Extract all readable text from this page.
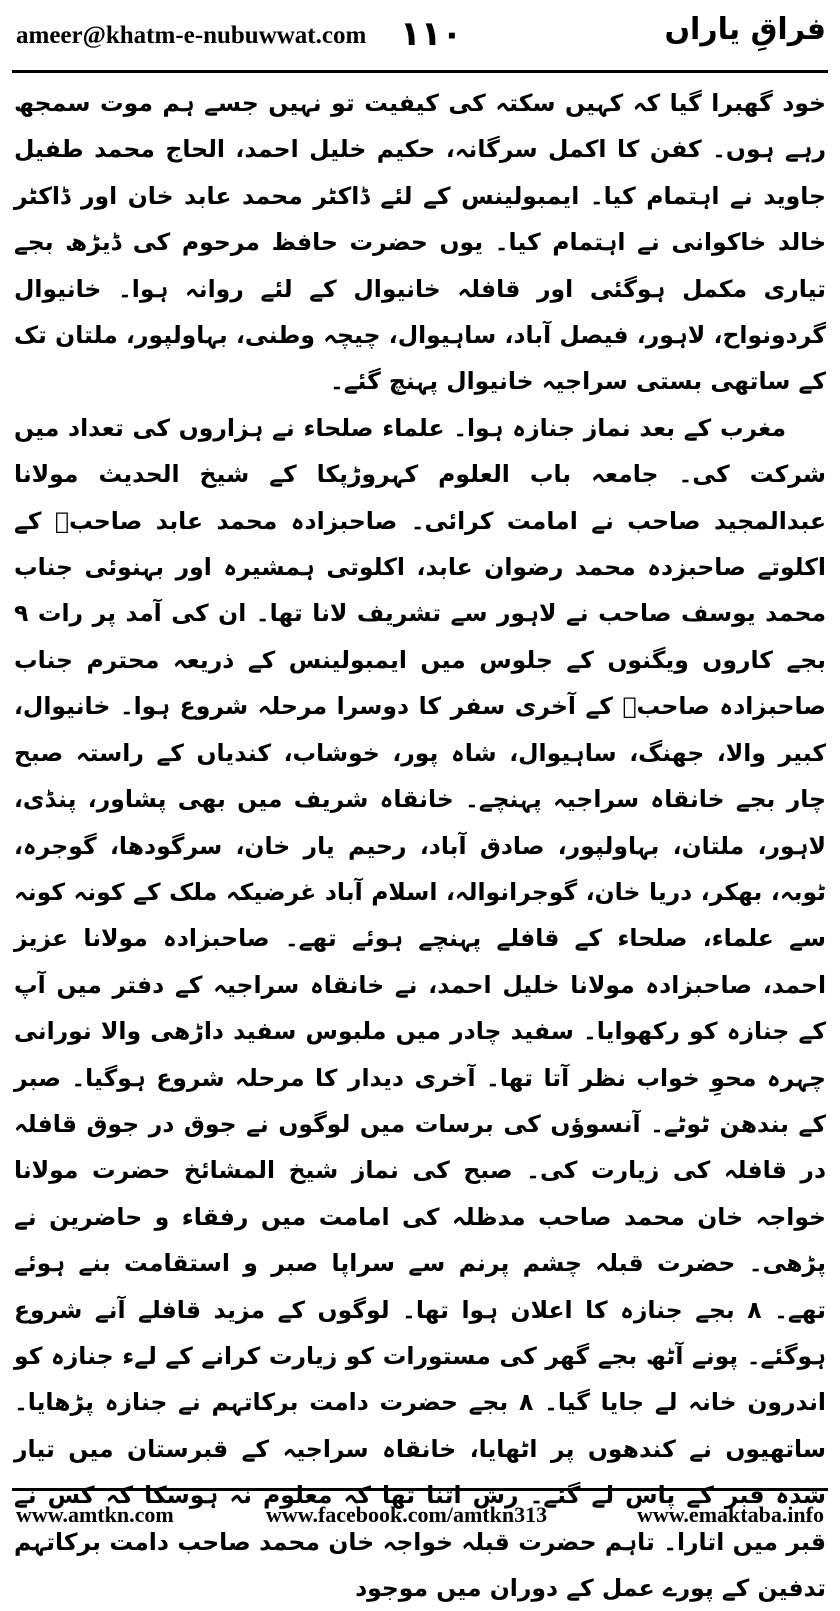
ameer@khatm-e-nubuwwat.com ۱۱۰	فراقِ یاراں

خود گھبرا گیا کہ کہیں سکتہ کی کیفیت تو نہیں جسے ہم موت سمجھ رہے ہوں۔ کفن کا اکمل سرگانہ، حکیم خلیل احمد، الحاج محمد طفیل جاوید نے اہتمام کیا۔ ایمبولینس کے لئے ڈاکٹر محمد عابد خان اور ڈاکٹر خالد خاکوانی نے اہتمام کیا۔ یوں حضرت حافظ مرحوم کی ڈیڑھ بجے تیاری مکمل ہوگئی اور قافلہ خانیوال کے لئے روانہ ہوا۔ خانیوال گردونواح، لاہور، فیصل آباد، ساہیوال، چیچہ وطنی، بہاولپور، ملتان تک کے ساتھی بستی سراجیہ خانیوال پہنچ گئے۔

مغرب کے بعد نماز جنازہ ہوا۔ علماء صلحاء نے ہزاروں کی تعداد میں شرکت کی۔ جامعہ باب العلوم کہروڑپکا کے شیخ الحدیث مولانا عبدالمجید صاحب نے امامت کرائی۔ صاحبزادہ محمد عابد صاحبؒ کے اکلوتے صاحبزدہ محمد رضوان عابد، اکلوتی ہمشیرہ اور بہنوئی جناب محمد یوسف صاحب نے لاہور سے تشریف لانا تھا۔ ان کی آمد پر رات ۹ بجے کاروں ویگنوں کے جلوس میں ایمبولینس کے ذریعہ محترم جناب صاحبزادہ صاحبؒ کے آخری سفر کا دوسرا مرحلہ شروع ہوا۔ خانیوال، کبیر والا، جھنگ، ساہیوال، شاہ پور، خوشاب، کندیاں کے راستہ صبح چار بجے خانقاہ سراجیہ پہنچے۔ خانقاہ شریف میں بھی پشاور، پنڈی، لاہور، ملتان، بہاولپور، صادق آباد، رحیم یار خان، سرگودھا، گوجرہ، ٹوبہ، بھکر، دریا خان، گوجرانوالہ، اسلام آباد غرضیکہ ملک کے کونہ کونہ سے علماء، صلحاء کے قافلے پہنچے ہوئے تھے۔ صاحبزادہ مولانا عزیز احمد، صاحبزادہ مولانا خلیل احمد، نے خانقاہ سراجیہ کے دفتر میں آپ کے جنازہ کو رکھوایا۔ سفید چادر میں ملبوس سفید داڑھی والا نورانی چہرہ محوِ خواب نظر آتا تھا۔ آخری دیدار کا مرحلہ شروع ہوگیا۔ صبر کے بندھن ٹوٹے۔ آنسوؤں کی برسات میں لوگوں نے جوق در جوق قافلہ در قافلہ کی زیارت کی۔ صبح کی نماز شیخ المشائخ حضرت مولانا خواجہ خان محمد صاحب مدظلہ کی امامت میں رفقاء و حاضرین نے پڑھی۔ حضرت قبلہ چشم پرنم سے سراپا صبر و استقامت بنے ہوئے تھے۔ ۸ بجے جنازہ کا اعلان ہوا تھا۔ لوگوں کے مزید قافلے آنے شروع ہوگئے۔ پونے آٹھ بجے گھر کی مستورات کو زیارت کرانے کے لےء جنازہ کو اندرون خانہ لے جایا گیا۔ ۸ بجے حضرت دامت برکاتہم نے جنازہ پڑھایا۔ ساتھیوں نے کندھوں پر اٹھایا، خانقاہ سراجیہ کے قبرستان میں تیار شدہ قبر کے پاس لے گئے۔ رش اتنا تھا کہ معلوم نہ ہوسکا کہ کس نے قبر میں اتارا۔ تاہم حضرت قبلہ خواجہ خان محمد صاحب دامت برکاتہم تدفین کے پورے عمل کے دوران میں موجود

www.amtkn.com	www.facebook.com/amtkn313	www.emaktaba.info
